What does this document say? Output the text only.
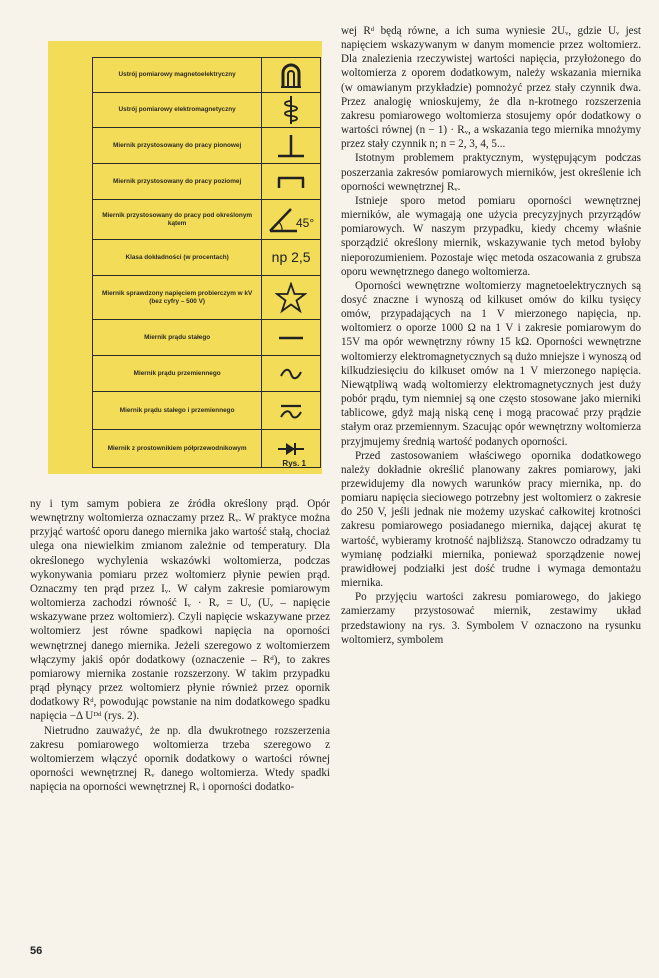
Ustrój pomiarowy magnetoelektryczny	

Ustrój pomiarowy elektromagnetyczny	

Miernik przystosowany do pracy pionowej	

Miernik przystosowany do pracy poziomej	

Miernik przystosowany do pracy pod określonym kątem	45°

Klasa dokładności (w procentach)	np 2,5
Miernik sprawdzony napięciem probierczym w kV (bez cyfry – 500 V)	

Miernik prądu stałego	

Miernik prądu przemiennego	

Miernik prądu stałego i przemiennego	

Miernik z prostownikiem półprzewodnikowym	
Rys. 1

ny i tym samym pobiera ze źródła określony prąd. Opór wewnętrzny woltomierza oznaczamy przez Rᵥ. W praktyce można przyjąć wartość oporu danego miernika jako wartość stałą, chociaż ulega ona niewielkim zmianom zależnie od temperatury. Dla określonego wychylenia wskazówki woltomierza, podczas wykonywania pomiaru przez woltomierz płynie pewien prąd. Oznaczmy ten prąd przez Iᵥ. W całym zakresie pomiarowym woltomierza zachodzi równość Iᵥ · Rᵥ = Uᵥ (Uᵥ – napięcie wskazywane przez woltomierz). Czyli napięcie wskazywane przez woltomierz jest równe spadkowi napięcia na oporności wewnętrznej danego miernika. Jeżeli szeregowo z woltomierzem włączymy jakiś opór dodatkowy (oznaczenie – Rᵈ), to zakres pomiarowy miernika zostanie rozszerzony. W takim przypadku prąd płynący przez woltomierz płynie również przez opornik dodatkowy Rᵈ, powodując powstanie na nim dodatkowego spadku napięcia −Δ Uᴰᵈ (rys. 2).

Nietrudno zauważyć, że np. dla dwukrotnego rozszerzenia zakresu pomiarowego woltomierza trzeba szeregowo z woltomierzem włączyć opornik dodatkowy o wartości równej oporności wewnętrznej Rᵥ danego woltomierza. Wtedy spadki napięcia na oporności wewnętrznej Rᵥ i oporności dodatko-

wej Rᵈ będą równe, a ich suma wyniesie 2Uᵥ, gdzie Uᵥ jest napięciem wskazywanym w danym momencie przez woltomierz. Dla znalezienia rzeczywistej wartości napięcia, przyłożonego do woltomierza z oporem dodatkowym, należy wskazania miernika (w omawianym przykładzie) pomnożyć przez stały czynnik dwa. Przez analogię wnioskujemy, że dla n-krotnego rozszerzenia zakresu pomiarowego woltomierza stosujemy opór dodatkowy o wartości równej (n − 1) · Rᵥ, a wskazania tego miernika mnożymy przez stały czynnik n; n = 2, 3, 4, 5...

Istotnym problemem praktycznym, występującym podczas poszerzania zakresów pomiarowych mierników, jest określenie ich oporności wewnętrznej Rᵥ.

Istnieje sporo metod pomiaru oporności wewnętrznej mierników, ale wymagają one użycia precyzyjnych przyrządów pomiarowych. W naszym przypadku, kiedy chcemy właśnie sporządzić określony miernik, wskazywanie tych metod byłoby nieporozumieniem. Pozostaje więc metoda oszacowania z grubsza oporu wewnętrznego danego woltomierza.

Oporności wewnętrzne woltomierzy magnetoelektrycznych są dosyć znaczne i wynoszą od kilkuset omów do kilku tysięcy omów, przypadających na 1 V mierzonego napięcia, np. woltomierz o oporze 1000 Ω na 1 V i zakresie pomiarowym do 15V ma opór wewnętrzny równy 15 kΩ. Oporności wewnętrzne woltomierzy elektromagnetycznych są dużo mniejsze i wynoszą od kilkudziesięciu do kilkuset omów na 1 V mierzonego napięcia. Niewątpliwą wadą woltomierzy elektromagnetycznych jest duży pobór prądu, tym niemniej są one często stosowane jako mierniki tablicowe, gdyż mają niską cenę i mogą pracować przy prądzie stałym oraz przemiennym. Szacując opór wewnętrzny woltomierza przyjmujemy średnią wartość podanych oporności.

Przed zastosowaniem właściwego opornika dodatkowego należy dokładnie określić planowany zakres pomiarowy, jaki przewidujemy dla nowych warunków pracy miernika, np. do pomiaru napięcia sieciowego potrzebny jest woltomierz o zakresie do 250 V, jeśli jednak nie możemy uzyskać całkowitej krotności zakresu pomiarowego posiadanego miernika, dającej akurat tę wartość, wybieramy krotność najbliższą. Stanowczo odradzamy tu wymianę podziałki miernika, ponieważ sporządzenie nowej prawidłowej podziałki jest dość trudne i wymaga demontażu miernika.

Po przyjęciu wartości zakresu pomiarowego, do jakiego zamierzamy przystosować miernik, zestawimy układ przedstawiony na rys. 3. Symbolem V oznaczono na rysunku woltomierz, symbolem

56
